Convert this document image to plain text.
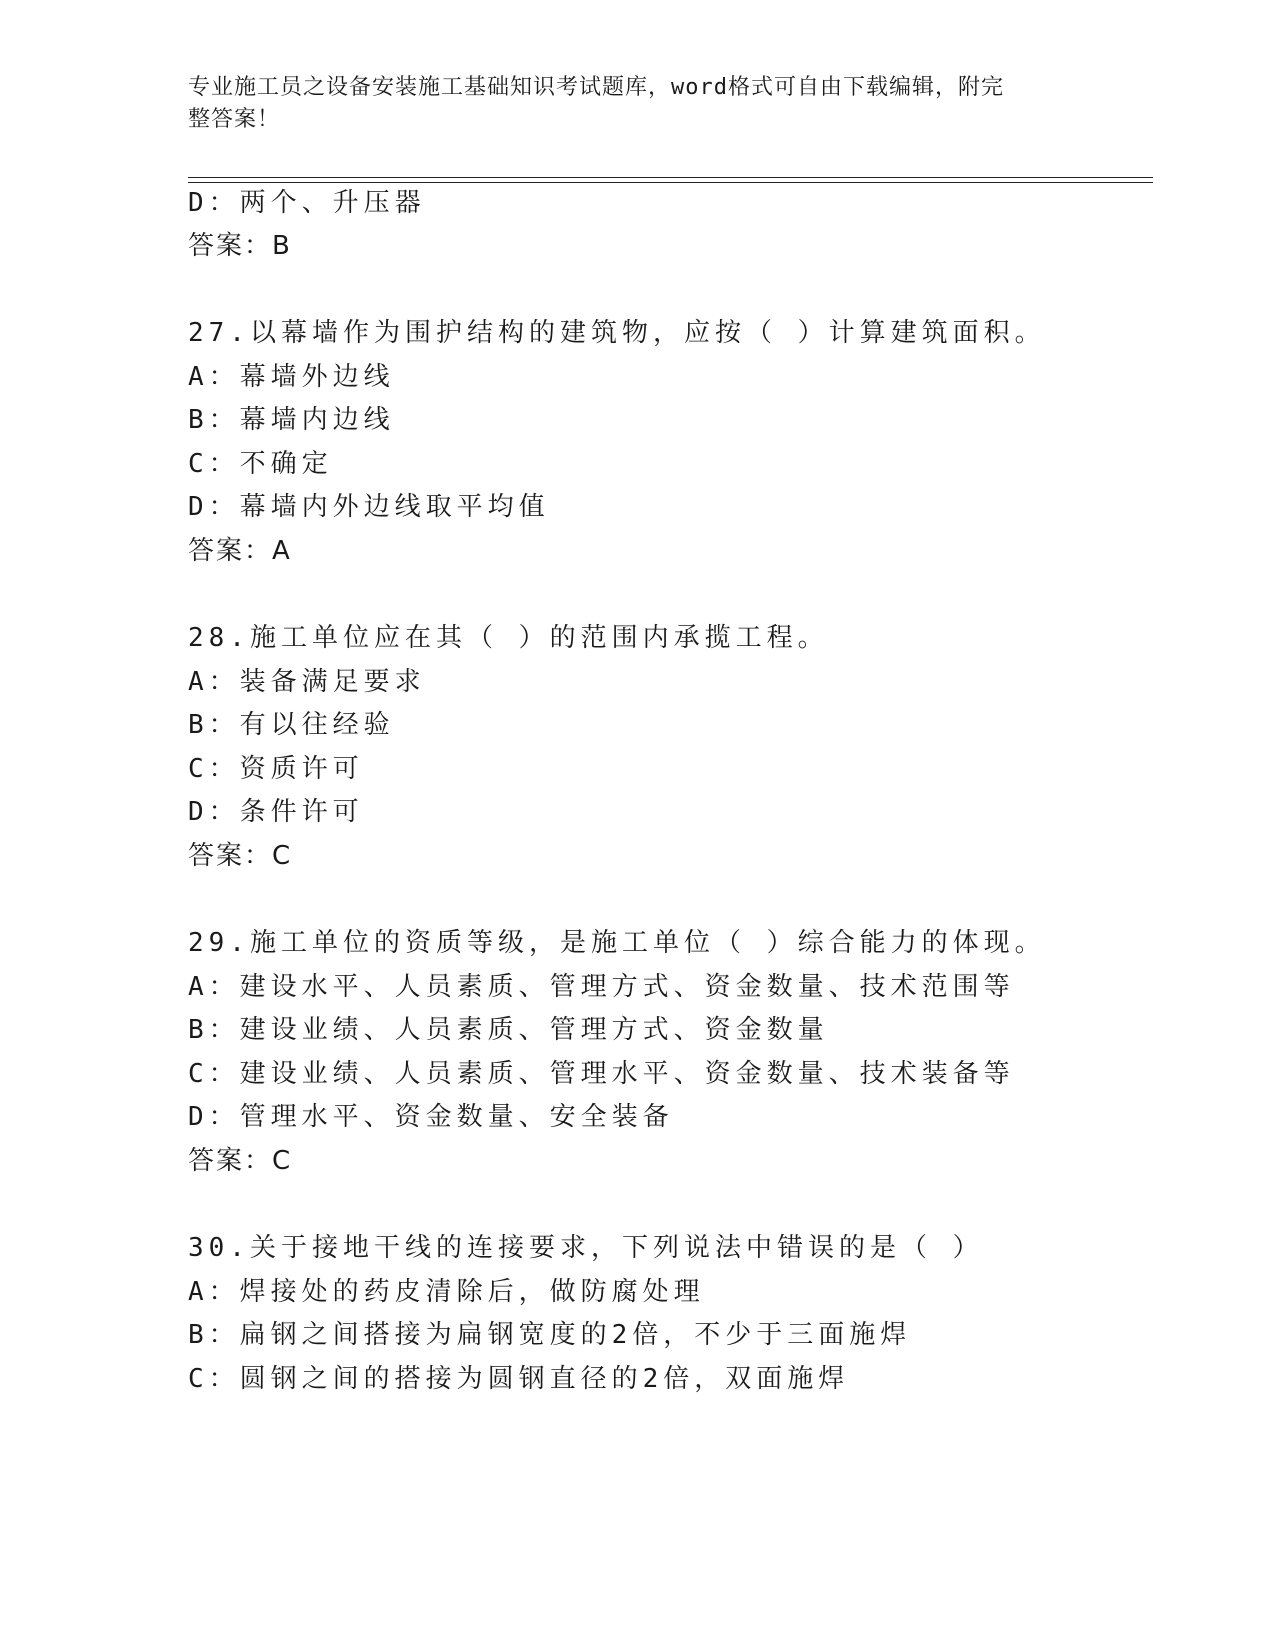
专业施工员之设备安装施工基础知识考试题库，word格式可自由下载编辑，附完
整答案！
D：两个、升压器
答案：B
27.以幕墙作为围护结构的建筑物，应按（ ）计算建筑面积。
A：幕墙外边线
B：幕墙内边线
C：不确定
D：幕墙内外边线取平均值
答案：A
28.施工单位应在其（ ）的范围内承揽工程。
A：装备满足要求
B：有以往经验
C：资质许可
D：条件许可
答案：C
29.施工单位的资质等级，是施工单位（ ）综合能力的体现。
A：建设水平、人员素质、管理方式、资金数量、技术范围等
B：建设业绩、人员素质、管理方式、资金数量
C：建设业绩、人员素质、管理水平、资金数量、技术装备等
D：管理水平、资金数量、安全装备
答案：C
30.关于接地干线的连接要求，下列说法中错误的是（ ）
A：焊接处的药皮清除后，做防腐处理
B：扁钢之间搭接为扁钢宽度的2倍，不少于三面施焊
C：圆钢之间的搭接为圆钢直径的2倍，双面施焊
